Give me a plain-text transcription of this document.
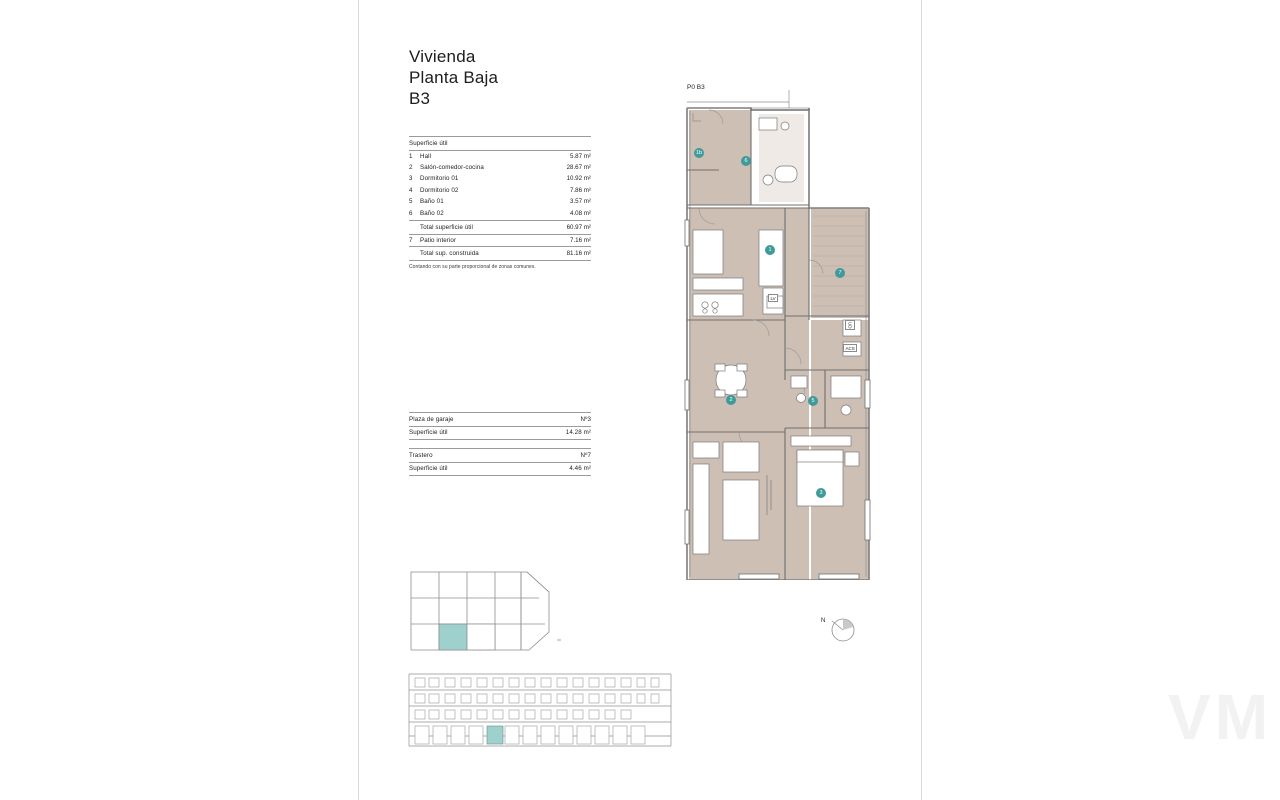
Vivienda
Planta Baja
B3
Superficie útil
1	Hall	5.87 m²
2	Salón-comedor-cocina	28.67 m²
3	Dormitorio 01	10.92 m²
4	Dormitorio 02	7.86 m²
5	Baño 01	3.57 m²
6	Baño 02	4.08 m²
Total superficie útil	60.97 m²
7	Patio interior	7.16 m²
Total sup. construida	81.16 m²
Contando con su parte proporcional de zonas comunes.
Plaza de garaje	Nº3
Superficie útil	14.28 m²
Trastero	Nº7
Superficie útil	4.46 m²
P0 B3
6
1b
1
7
2	5
3
LV
UD
ACS
N
VM
